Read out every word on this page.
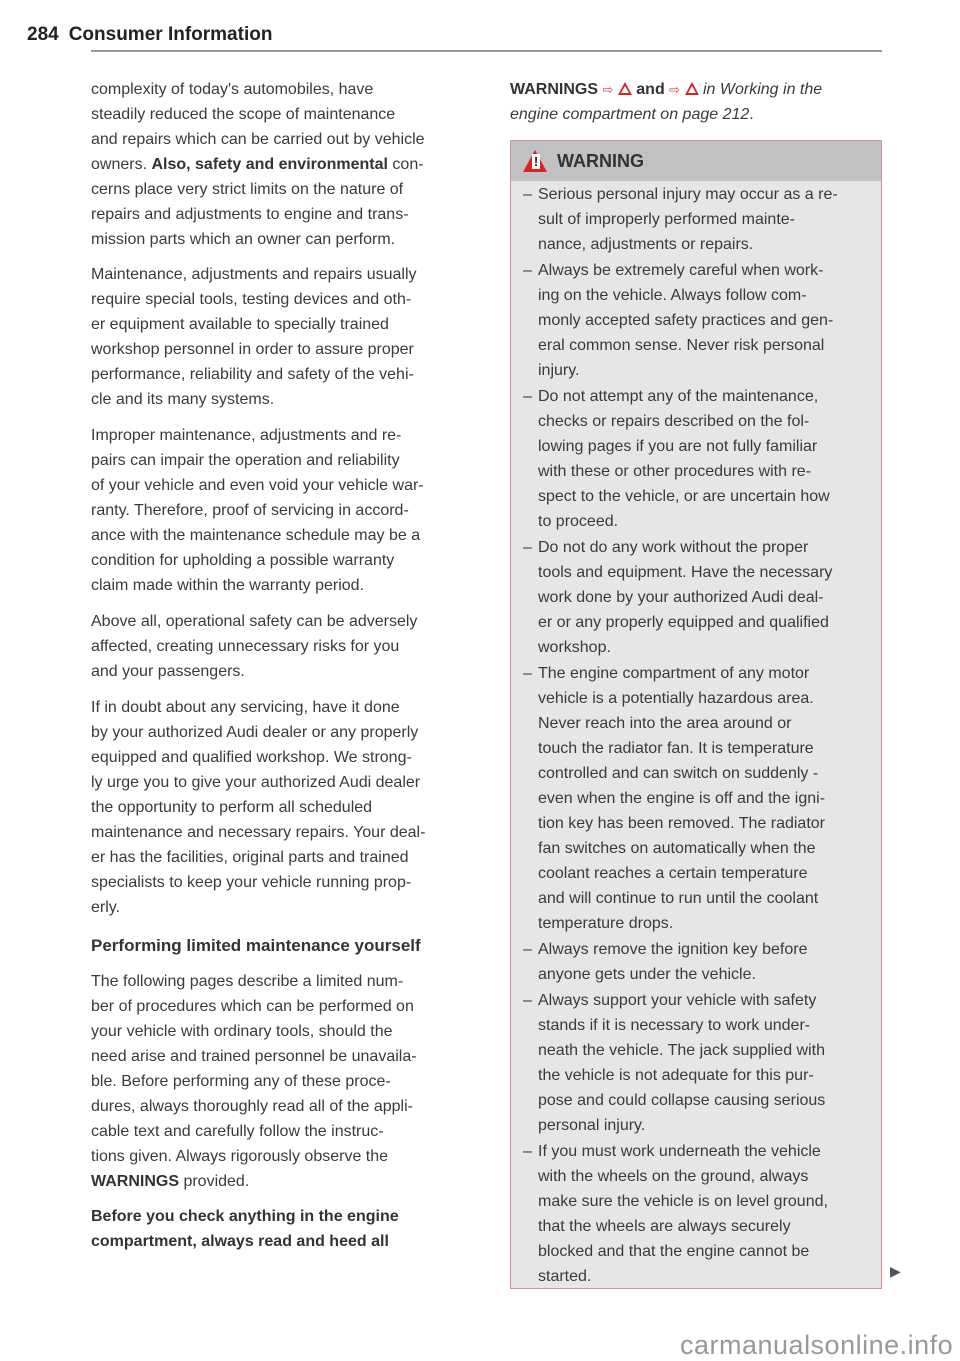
284 Consumer Information
complexity of today's automobiles, have
steadily reduced the scope of maintenance
and repairs which can be carried out by vehicle
owners. Also, safety and environmental con-
cerns place very strict limits on the nature of
repairs and adjustments to engine and trans-
mission parts which an owner can perform.
Maintenance, adjustments and repairs usually
require special tools, testing devices and oth-
er equipment available to specially trained
workshop personnel in order to assure proper
performance, reliability and safety of the vehi-
cle and its many systems.
Improper maintenance, adjustments and re-
pairs can impair the operation and reliability
of your vehicle and even void your vehicle war-
ranty. Therefore, proof of servicing in accord-
ance with the maintenance schedule may be a
condition for upholding a possible warranty
claim made within the warranty period.
Above all, operational safety can be adversely
affected, creating unnecessary risks for you
and your passengers.
If in doubt about any servicing, have it done
by your authorized Audi dealer or any properly
equipped and qualified workshop. We strong-
ly urge you to give your authorized Audi dealer
the opportunity to perform all scheduled
maintenance and necessary repairs. Your deal-
er has the facilities, original parts and trained
specialists to keep your vehicle running prop-
erly.
Performing limited maintenance yourself
The following pages describe a limited num-
ber of procedures which can be performed on
your vehicle with ordinary tools, should the
need arise and trained personnel be unavaila-
ble. Before performing any of these proce-
dures, always thoroughly read all of the appli-
cable text and carefully follow the instruc-
tions given. Always rigorously observe the
WARNINGS provided.
Before you check anything in the engine
compartment, always read and heed all
WARNINGS ⇨ and ⇨ in Working in the
engine compartment on page 212.
!
WARNING
– Serious personal injury may occur as a re-
sult of improperly performed mainte-
nance, adjustments or repairs.
– Always be extremely careful when work-
ing on the vehicle. Always follow com-
monly accepted safety practices and gen-
eral common sense. Never risk personal
injury.
– Do not attempt any of the maintenance,
checks or repairs described on the fol-
lowing pages if you are not fully familiar
with these or other procedures with re-
spect to the vehicle, or are uncertain how
to proceed.
– Do not do any work without the proper
tools and equipment. Have the necessary
work done by your authorized Audi deal-
er or any properly equipped and qualified
workshop.
– The engine compartment of any motor
vehicle is a potentially hazardous area.
Never reach into the area around or
touch the radiator fan. It is temperature
controlled and can switch on suddenly -
even when the engine is off and the igni-
tion key has been removed. The radiator
fan switches on automatically when the
coolant reaches a certain temperature
and will continue to run until the coolant
temperature drops.
– Always remove the ignition key before
anyone gets under the vehicle.
– Always support your vehicle with safety
stands if it is necessary to work under-
neath the vehicle. The jack supplied with
the vehicle is not adequate for this pur-
pose and could collapse causing serious
personal injury.
– If you must work underneath the vehicle
with the wheels on the ground, always
make sure the vehicle is on level ground,
that the wheels are always securely
blocked and that the engine cannot be
started.	▶
carmanualsonline.info
